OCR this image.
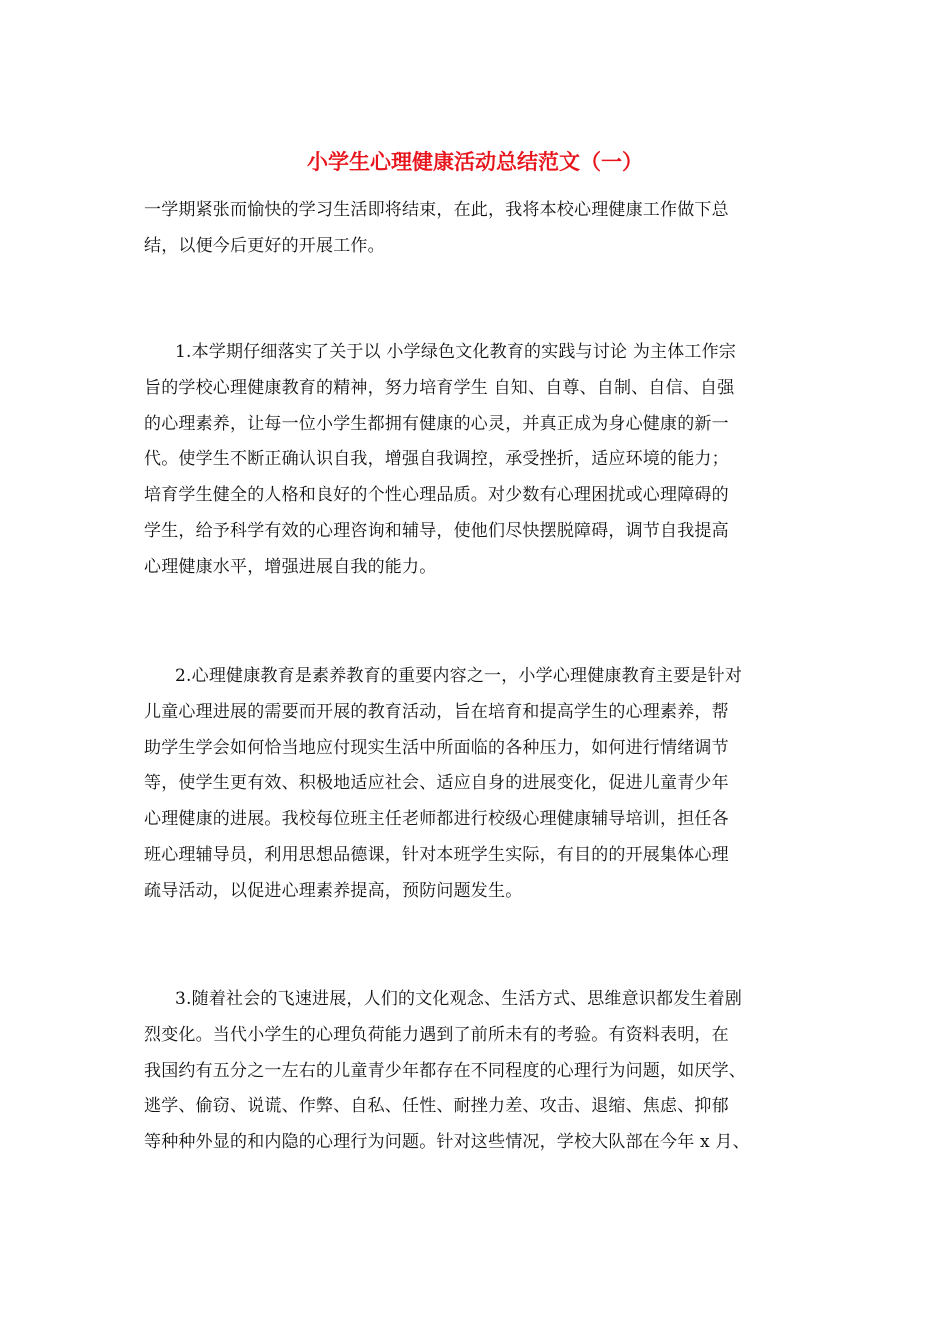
小学生心理健康活动总结范文（一）
一学期紧张而愉快的学习生活即将结束，在此，我将本校心理健康工作做下总
结，以便今后更好的开展工作。
1.本学期仔细落实了关于以 小学绿色文化教育的实践与讨论 为主体工作宗
旨的学校心理健康教育的精神，努力培育学生 自知、自尊、自制、自信、自强
的心理素养，让每一位小学生都拥有健康的心灵，并真正成为身心健康的新一
代。使学生不断正确认识自我，增强自我调控，承受挫折，适应环境的能力；
培育学生健全的人格和良好的个性心理品质。对少数有心理困扰或心理障碍的
学生，给予科学有效的心理咨询和辅导，使他们尽快摆脱障碍，调节自我提高
心理健康水平，增强进展自我的能力。
2.心理健康教育是素养教育的重要内容之一，小学心理健康教育主要是针对
儿童心理进展的需要而开展的教育活动，旨在培育和提高学生的心理素养，帮
助学生学会如何恰当地应付现实生活中所面临的各种压力，如何进行情绪调节
等，使学生更有效、积极地适应社会、适应自身的进展变化，促进儿童青少年
心理健康的进展。我校每位班主任老师都进行校级心理健康辅导培训，担任各
班心理辅导员，利用思想品德课，针对本班学生实际，有目的的开展集体心理
疏导活动，以促进心理素养提高，预防问题发生。
3.随着社会的飞速进展，人们的文化观念、生活方式、思维意识都发生着剧
烈变化。当代小学生的心理负荷能力遇到了前所未有的考验。有资料表明，在
我国约有五分之一左右的儿童青少年都存在不同程度的心理行为问题，如厌学、
逃学、偷窃、说谎、作弊、自私、任性、耐挫力差、攻击、退缩、焦虑、抑郁
等种种外显的和内隐的心理行为问题。针对这些情况，学校大队部在今年 x 月、
